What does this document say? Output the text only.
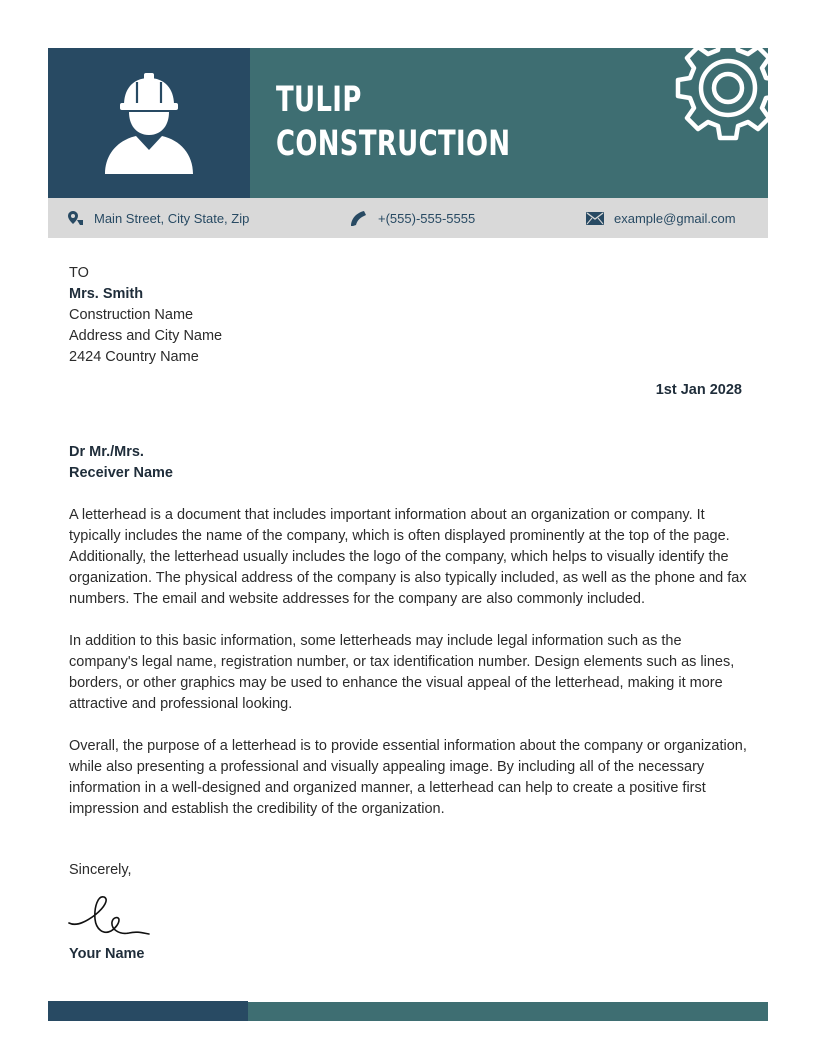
TULIP
CONSTRUCTION
Main Street, City State, Zip	+(555)-555-5555	example@gmail.com
TO
Mrs. Smith
Construction Name
Address and City Name
2424 Country Name
1st Jan 2028
Dr Mr./Mrs.
Receiver Name

A letterhead is a document that includes important information about an organization or company. It typically includes the name of the company, which is often displayed prominently at the top of the page. Additionally, the letterhead usually includes the logo of the company, which helps to visually identify the organization. The physical address of the company is also typically included, as well as the phone and fax numbers. The email and website addresses for the company are also commonly included.

In addition to this basic information, some letterheads may include legal information such as the company's legal name, registration number, or tax identification number. Design elements such as lines, borders, or other graphics may be used to enhance the visual appeal of the letterhead, making it more attractive and professional looking.

Overall, the purpose of a letterhead is to provide essential information about the company or organization, while also presenting a professional and visually appealing image. By including all of the necessary information in a well-designed and organized manner, a letterhead can help to create a positive first impression and establish the credibility of the organization.

Sincerely,
Your Name
